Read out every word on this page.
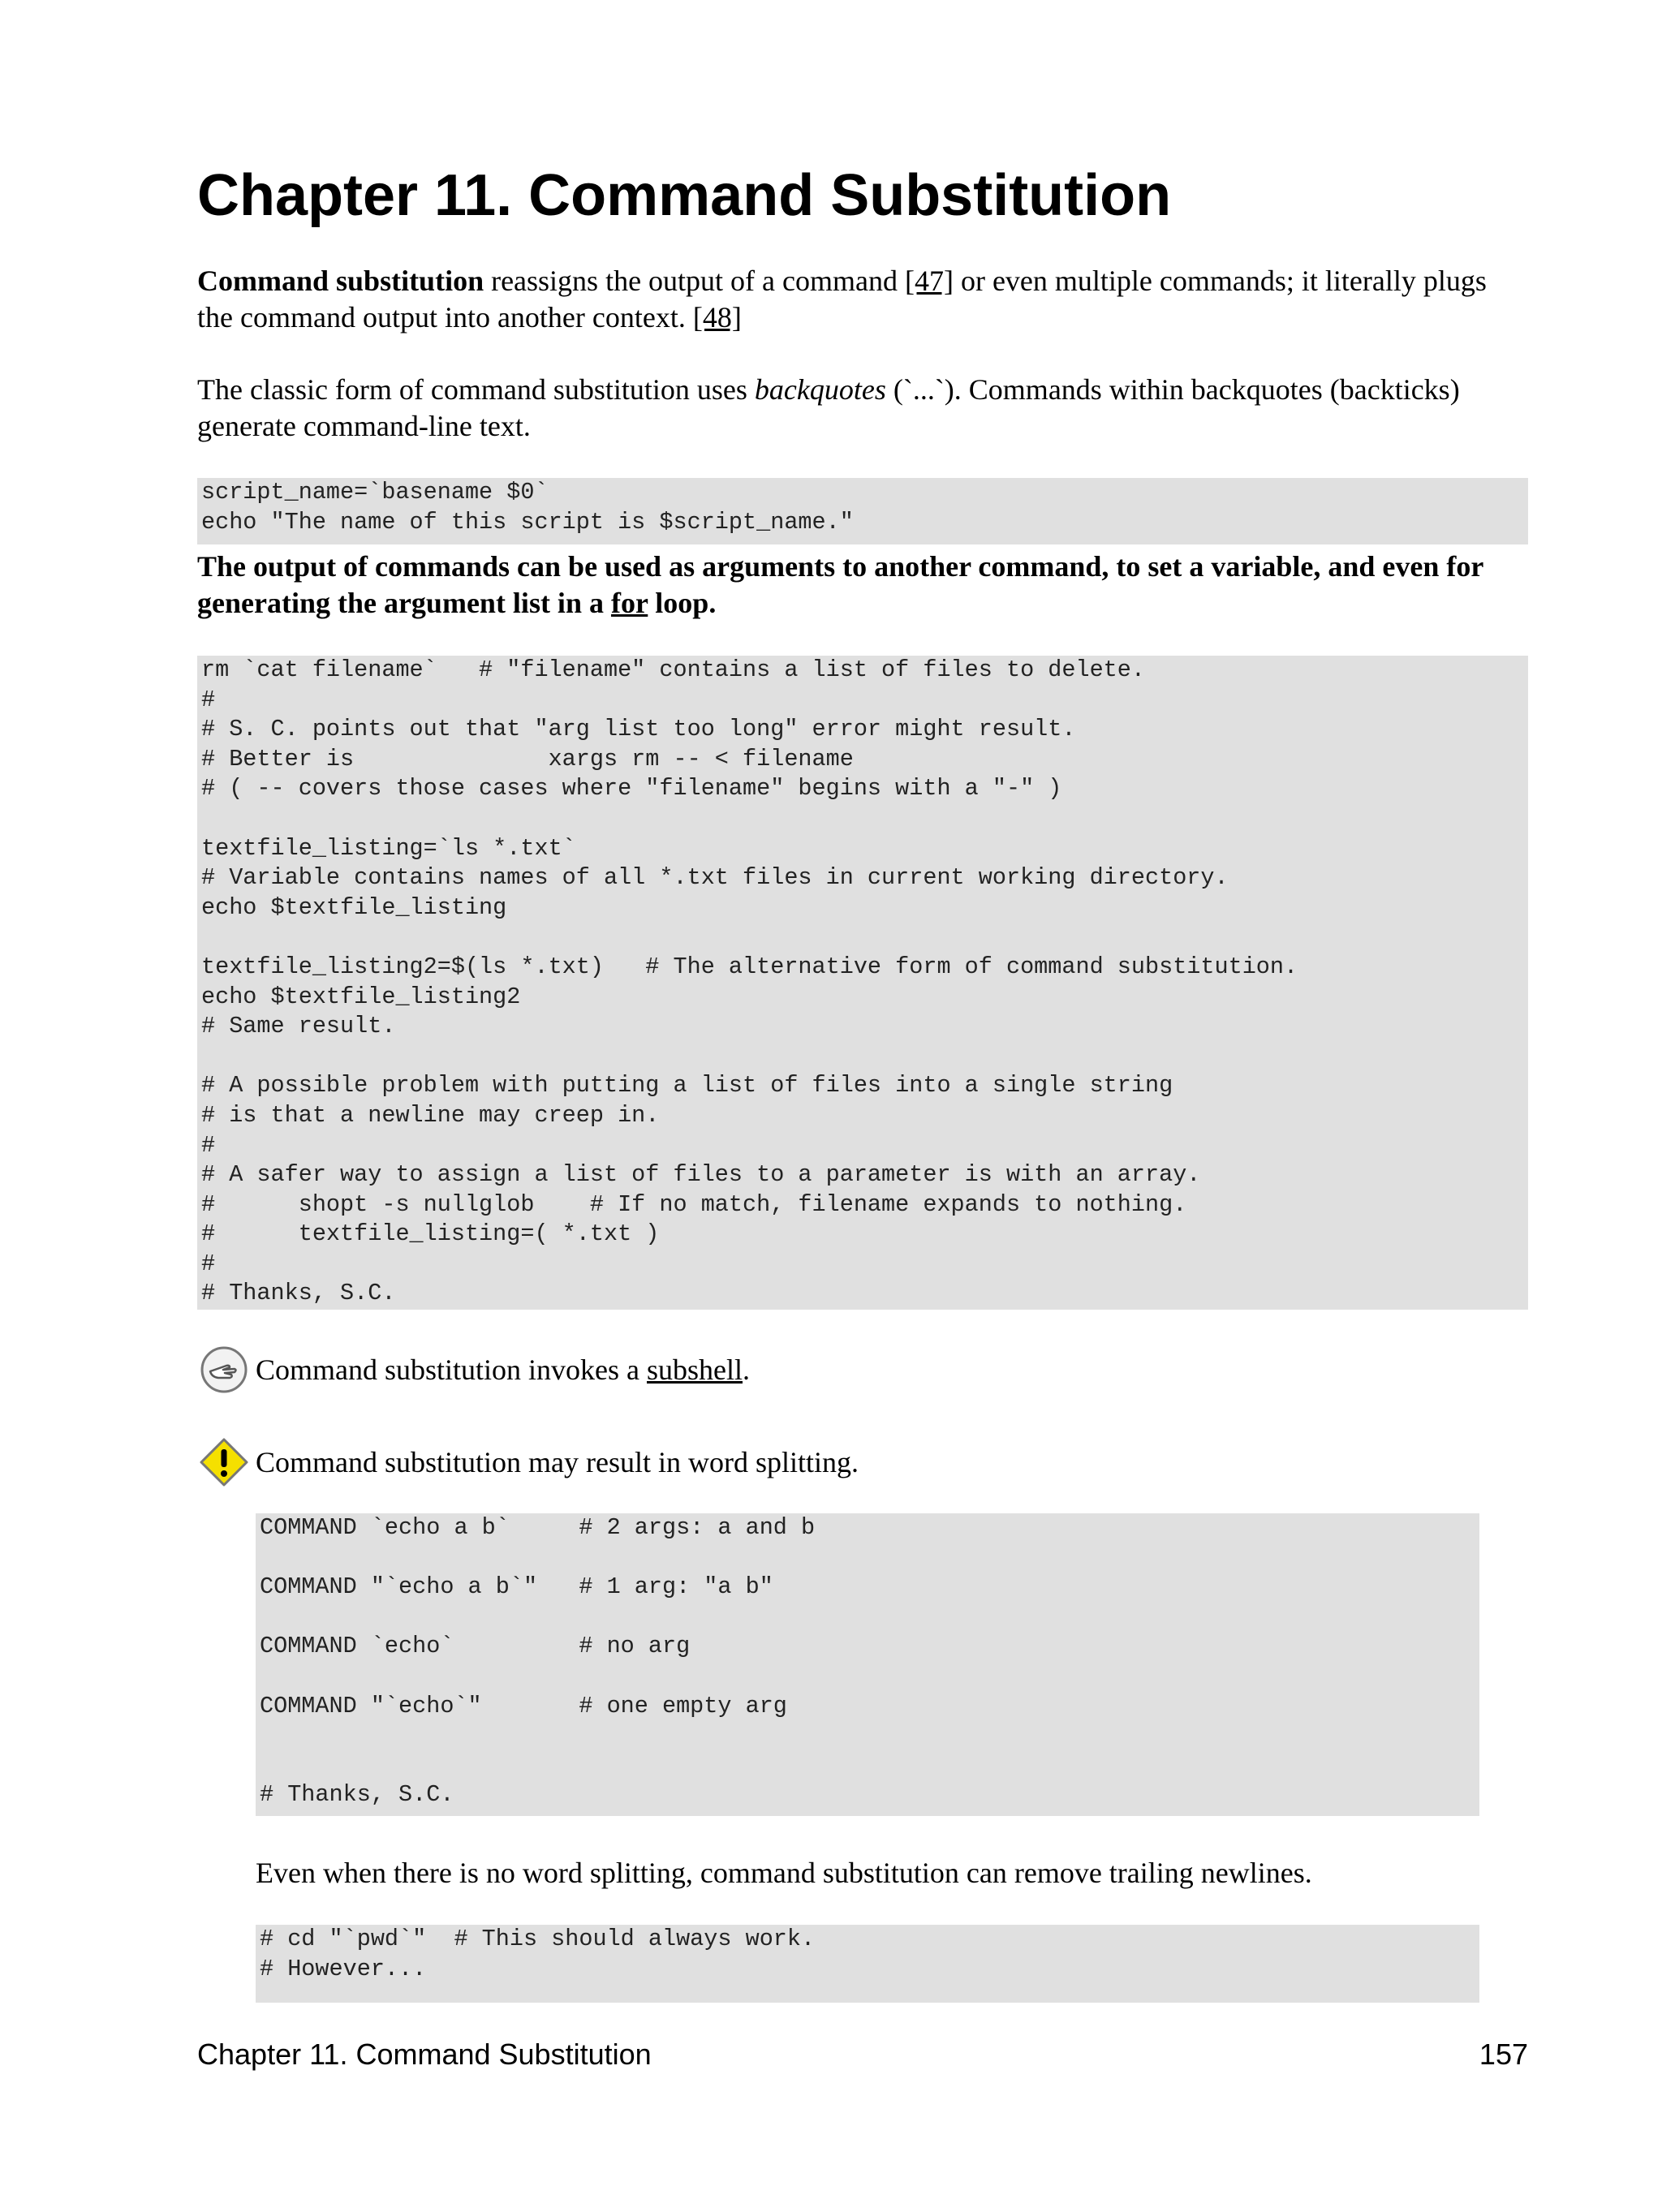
Chapter 11. Command Substitution

Command substitution reassigns the output of a command [47] or even multiple commands; it literally plugs the command output into another context. [48]

The classic form of command substitution uses backquotes (`...`). Commands within backquotes (backticks) generate command-line text.

script_name=`basename $0`
echo "The name of this script is $script_name."

The output of commands can be used as arguments to another command, to set a variable, and even for generating the argument list in a for loop.

rm `cat filename`   # "filename" contains a list of files to delete.
#
# S. C. points out that "arg list too long" error might result.
# Better is              xargs rm -- < filename
# ( -- covers those cases where "filename" begins with a "-" )

textfile_listing=`ls *.txt`
# Variable contains names of all *.txt files in current working directory.
echo $textfile_listing

textfile_listing2=$(ls *.txt)   # The alternative form of command substitution.
echo $textfile_listing2
# Same result.

# A possible problem with putting a list of files into a single string
# is that a newline may creep in.
#
# A safer way to assign a list of files to a parameter is with an array.
#      shopt -s nullglob    # If no match, filename expands to nothing.
#      textfile_listing=( *.txt )
#
# Thanks, S.C.
Command substitution invokes a subshell.
Command substitution may result in word splitting.
COMMAND `echo a b`     # 2 args: a and b

COMMAND "`echo a b`"   # 1 arg: "a b"

COMMAND `echo`         # no arg

COMMAND "`echo`"       # one empty arg

# Thanks, S.C.

Even when there is no word splitting, command substitution can remove trailing newlines.

# cd "`pwd`"  # This should always work.
# However...
Chapter 11. Command Substitution	157
